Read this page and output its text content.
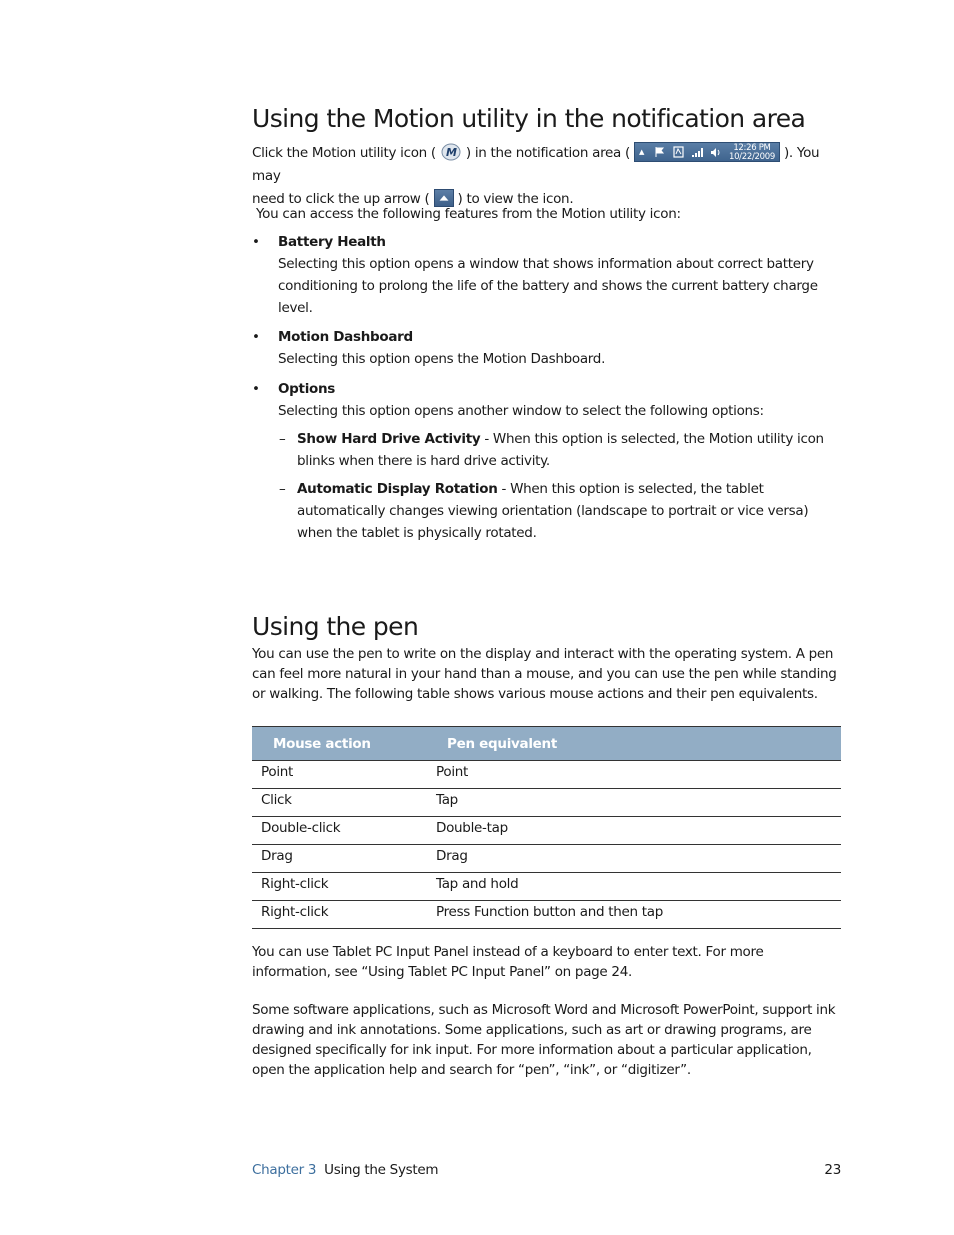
Using the Motion utility in the notification area
Click the Motion utility icon ( M ) in the notification area ( ▲	12:26 PM
10/22/2009 ). You may
need to click the up arrow ( ) to view the icon.
You can access the following features from the Motion utility icon:
• Battery Health
Selecting this option opens a window that shows information about correct battery conditioning to prolong the life of the battery and shows the current battery charge level.
• Motion Dashboard
Selecting this option opens the Motion Dashboard.
• Options
Selecting this option opens another window to select the following options:
– Show Hard Drive Activity - When this option is selected, the Motion utility icon blinks when there is hard drive activity.
– Automatic Display Rotation - When this option is selected, the tablet automatically changes viewing orientation (landscape to portrait or vice versa) when the tablet is physically rotated.
Using the pen
You can use the pen to write on the display and interact with the operating system. A pen can feel more natural in your hand than a mouse, and you can use the pen while standing or walking. The following table shows various mouse actions and their pen equivalents.
Mouse action	Pen equivalent
Point	Point
Click	Tap
Double-click	Double-tap
Drag	Drag
Right-click	Tap and hold
Right-click	Press Function button and then tap
You can use Tablet PC Input Panel instead of a keyboard to enter text. For more information, see “Using Tablet PC Input Panel” on page 24.
Some software applications, such as Microsoft Word and Microsoft PowerPoint, support ink drawing and ink annotations. Some applications, such as art or drawing programs, are designed specifically for ink input. For more information about a particular application, open the application help and search for “pen”, “ink”, or “digitizer”.
Chapter 3 Using the System	23
